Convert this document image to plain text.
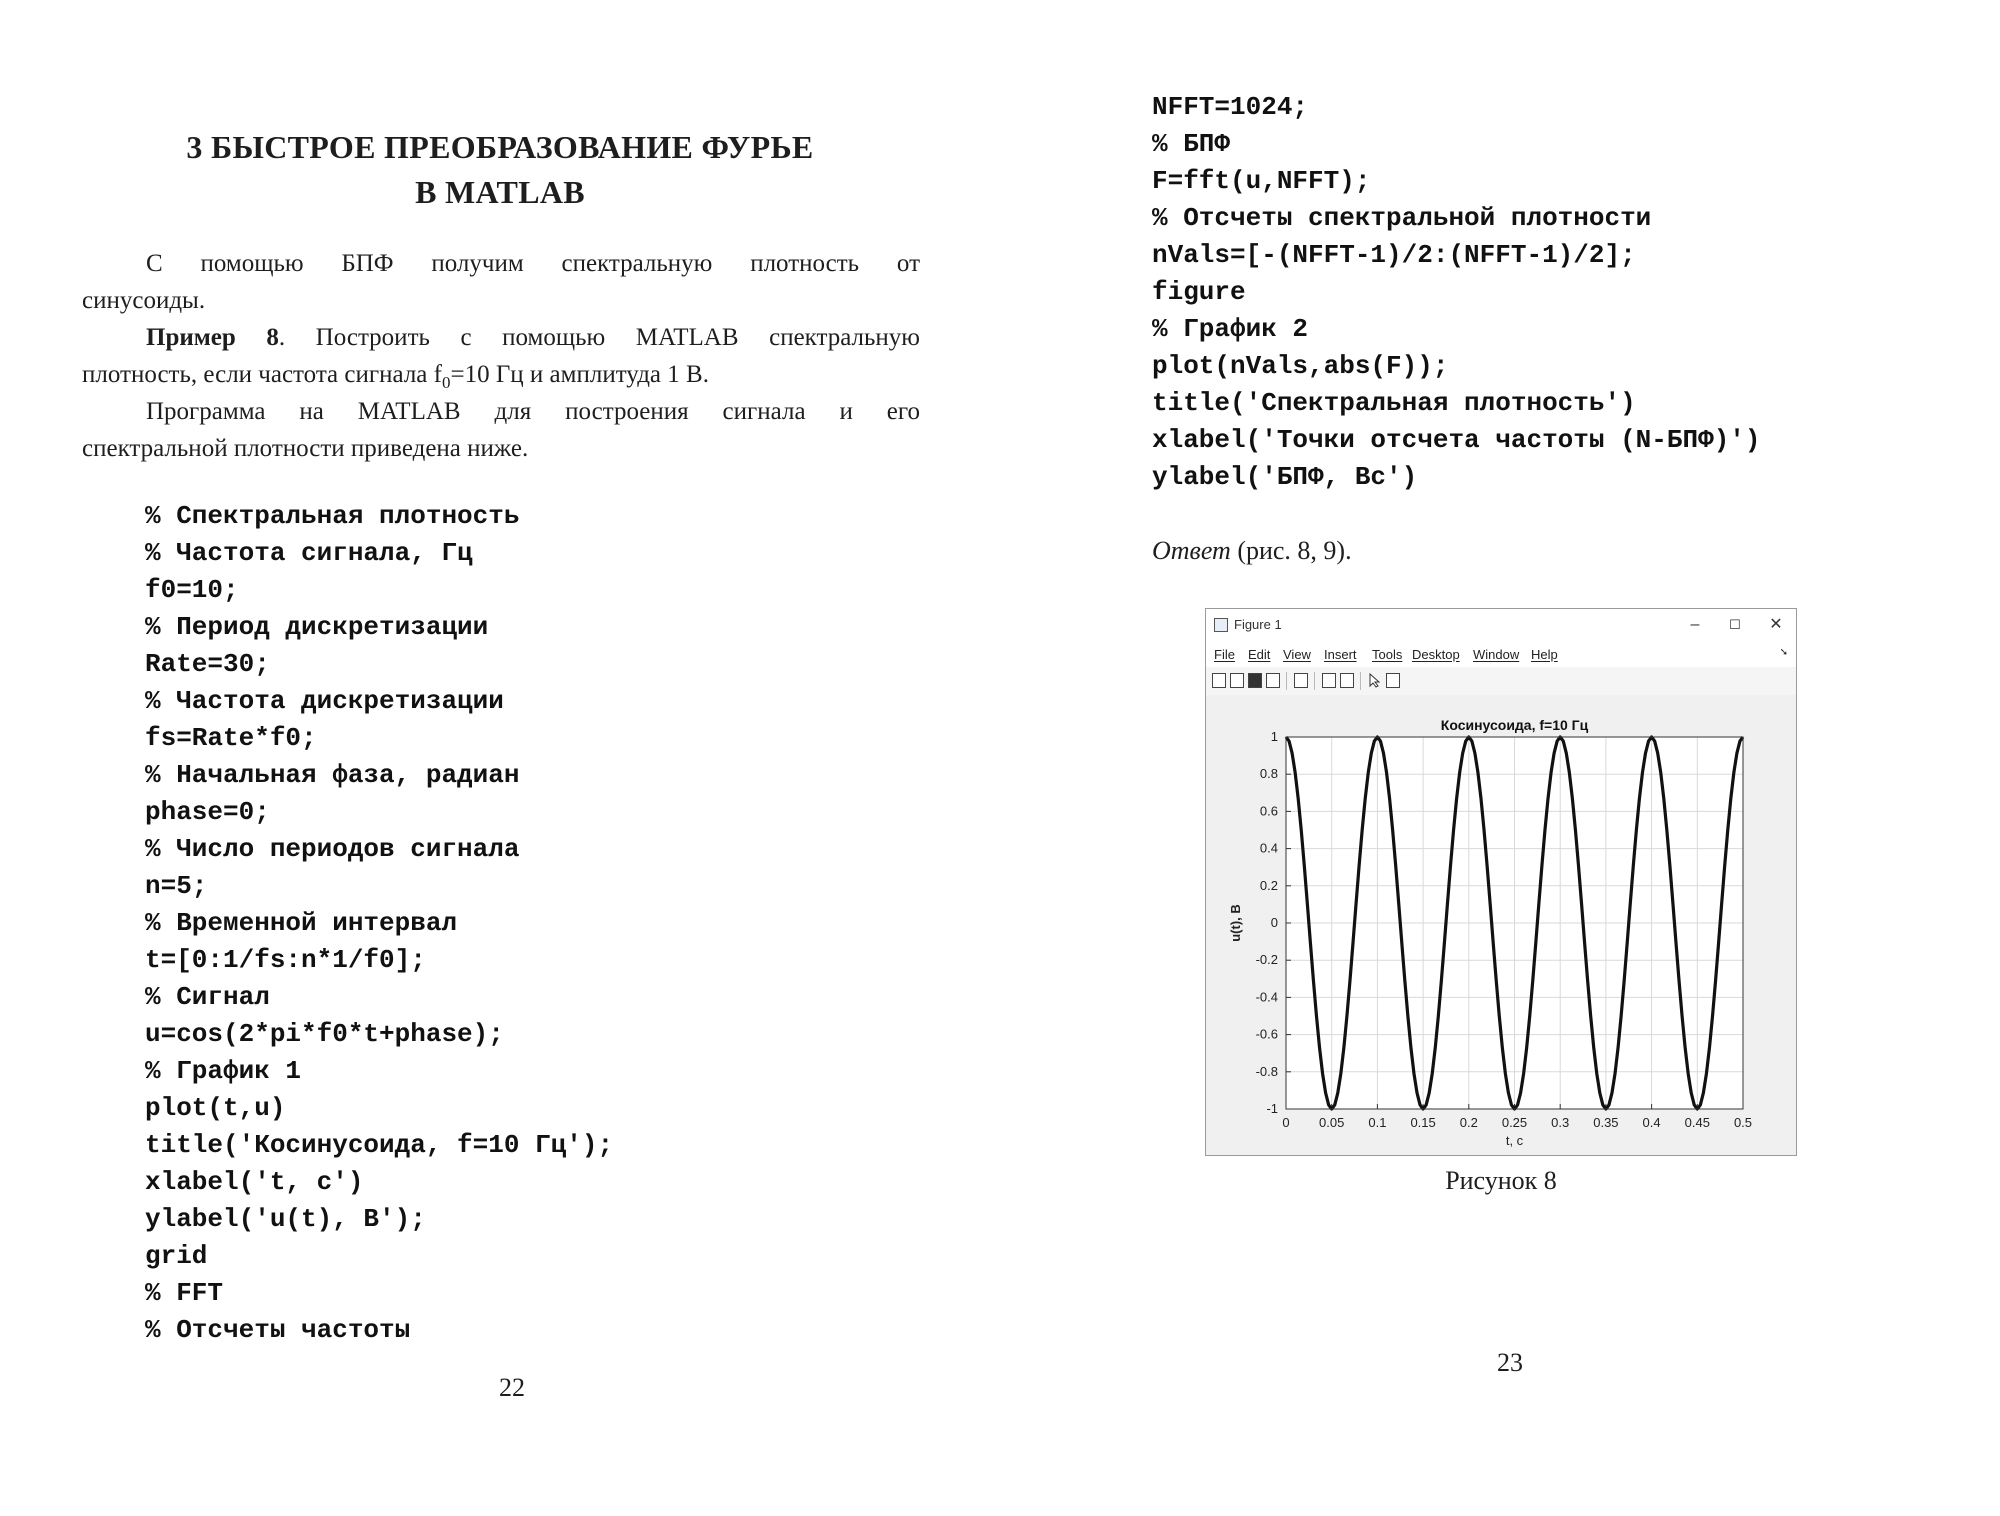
3 БЫСТРОЕ ПРЕОБРАЗОВАНИЕ ФУРЬЕ
В MATLAB
С помощью БПФ получим спектральную плотность от
синусоиды.
Пример 8. Построить с помощью MATLAB спектральную
плотность, если частота сигнала $f_0=10$ Гц и амплитуда 1 В.
Программа на MATLAB для построения сигнала и его
спектральной плотности приведена ниже.
% Спектральная плотность
% Частота сигнала, Гц
f0=10;
% Период дискретизации
Rate=30;
% Частота дискретизации
fs=Rate*f0;
% Начальная фаза, радиан
phase=0;
% Число периодов сигнала
n=5;
% Временной интервал
t=[0:1/fs:n*1/f0];
% Сигнал
u=cos(2*pi*f0*t+phase);
% График 1
plot(t,u)
title('Косинусоида, f=10 Гц');
xlabel('t, c')
ylabel('u(t), B');
grid
% FFT
% Отсчеты частоты
22
NFFT=1024;
% БПФ
F=fft(u,NFFT);
% Отсчеты спектральной плотности
nVals=[-(NFFT-1)/2:(NFFT-1)/2];
figure
% График 2
plot(nVals,abs(F));
title('Спектральная плотность')
xlabel('Точки отсчета частоты (N-БПФ)')
ylabel('БПФ, Вс')
Ответ (рис. 8, 9).
Figure 1	–	☐	✕
File Edit View Insert Tools Desktop Window Help	➘
0 0.05 0.1 0.15 0.2 0.25 0.3 0.35 0.4 0.45 0.5
-1
-0.8
-0.6
-0.4
-0.2
0
0.2
0.4
0.6
0.8
1
Косинусоида, f=10 Гц
t, c
u(t), B
Рисунок 8
23
